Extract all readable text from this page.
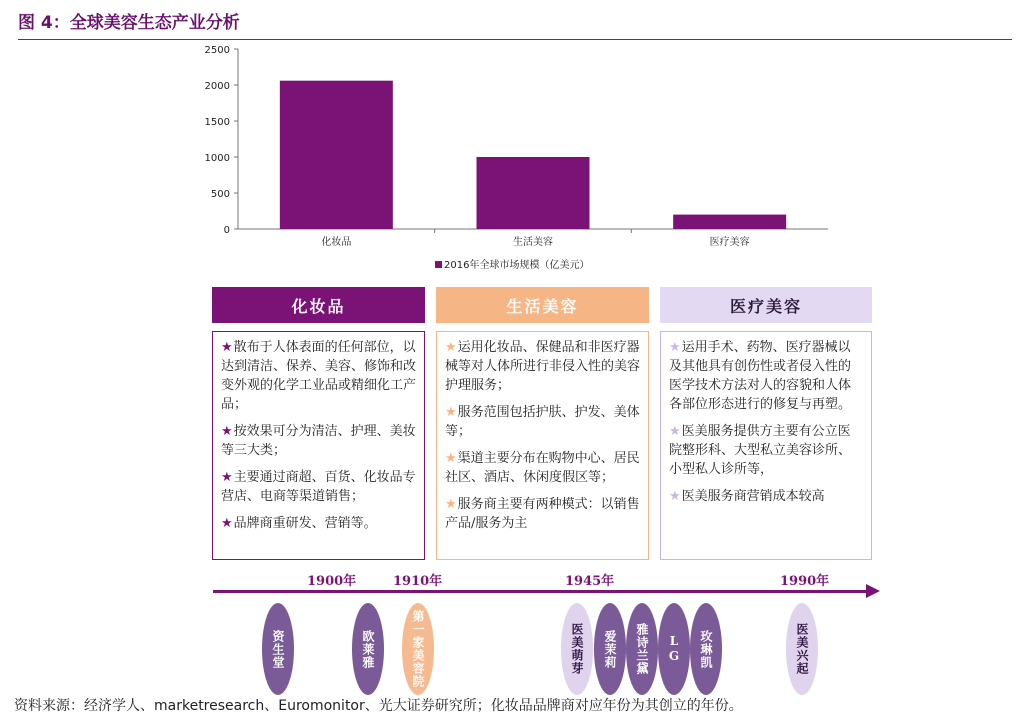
图 4：全球美容生态产业分析
0
500
1000
1500
2000
2500
化妆品	生活美容	医疗美容
2016年全球市场规模（亿美元）
化妆品	生活美容	医疗美容

★散布于人体表面的任何部位，以达到清洁、保养、美容、修饰和改变外观的化学工业品或精细化工产品；

★按效果可分为清洁、护理、美妆等三大类；

★主要通过商超、百货、化妆品专营店、电商等渠道销售；

★品牌商重研发、营销等。

★运用化妆品、保健品和非医疗器械等对人体所进行非侵入性的美容护理服务；

★服务范围包括护肤、护发、美体等；

★渠道主要分布在购物中心、居民社区、酒店、休闲度假区等；

★服务商主要有两种模式：以销售产品/服务为主

★运用手术、药物、医疗器械以及其他具有创伤性或者侵入性的医学技术方法对人的容貌和人体各部位形态进行的修复与再塑。

★医美服务提供方主要有公立医院整形科、大型私立美容诊所、小型私人诊所等，

★医美服务商营销成本较高

1900年	1910年	1945年	1990年
资生堂	欧莱雅	第一家美容院	医美萌芽	爱茉莉	雅诗兰黛	LG	玫琳凯	医美兴起
资料来源：经济学人、marketresearch、Euromonitor、光大证券研究所；化妆品品牌商对应年份为其创立的年份。
